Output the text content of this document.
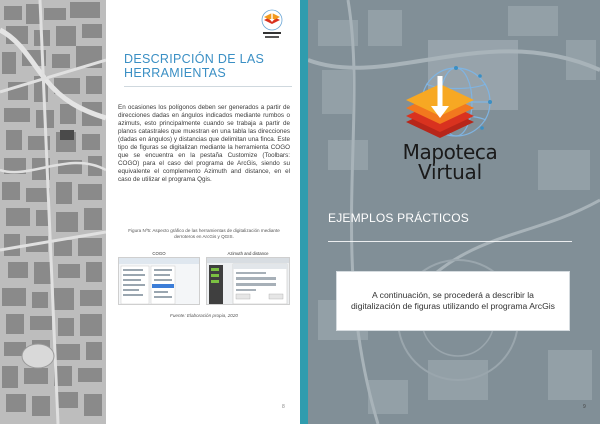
DESCRIPCIÓN DE LAS HERRAMIENTAS

En ocasiones los polígonos deben ser generados a partir de direcciones dadas en ángulos indicados mediante rumbos o azimuts, esto principalmente cuando se trabaja a partir de planos catastrales que muestran en una tabla las direcciones (dadas en ángulos) y distancias que delimitan una finca. Este tipo de figuras se digitalizan mediante la herramienta COGO que se encuentra en la pestaña Customize (Toolbars: COGO) para el caso del programa de ArcGis, siendo su equivalente el complemento Azimuth and distance, en el caso de utilizar el programa Qgis.

Figura Nº5: Aspecto gráfico de las herramientas de digitalización mediante derroteros en ArcGis y QGIS.
COGO	Azimuth and distance
Fuente: Elaboración propia, 2020
8
Mapoteca
Virtual
EJEMPLOS PRÁCTICOS
A continuación, se procederá a describir la digitalización de figuras utilizando el programa ArcGis
9
